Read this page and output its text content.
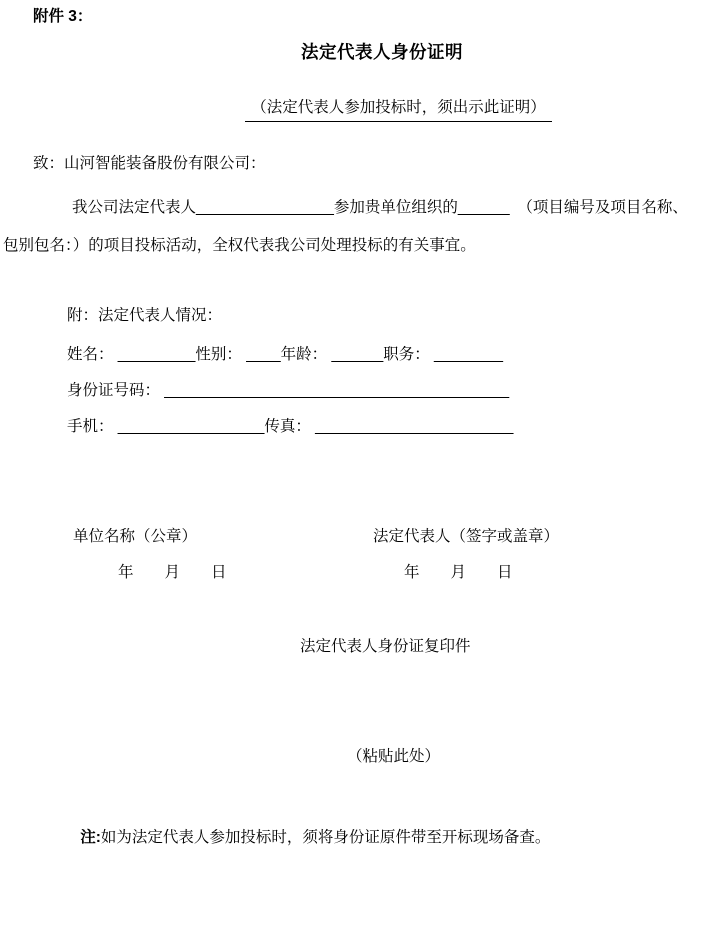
附件 3：
法定代表人身份证明

（法定代表人参加投标时，须出示此证明）

致：山河智能装备股份有限公司：
我公司法定代表人________________参加贵单位组织的______　（项目编号及项目名称、
包别包名：）的项目投标活动，全权代表我公司处理投标的有关事宜。
附：法定代表人情况：
姓名： _________性别： ____年龄： ______职务： ________
身份证号码： ________________________________________
手机： _________________传真： _______________________
单位名称（公章）	法定代表人（签字或盖章）
年　　月　　日	年　　月　　日
法定代表人身份证复印件
（粘贴此处）

注:如为法定代表人参加投标时，须将身份证原件带至开标现场备查。
